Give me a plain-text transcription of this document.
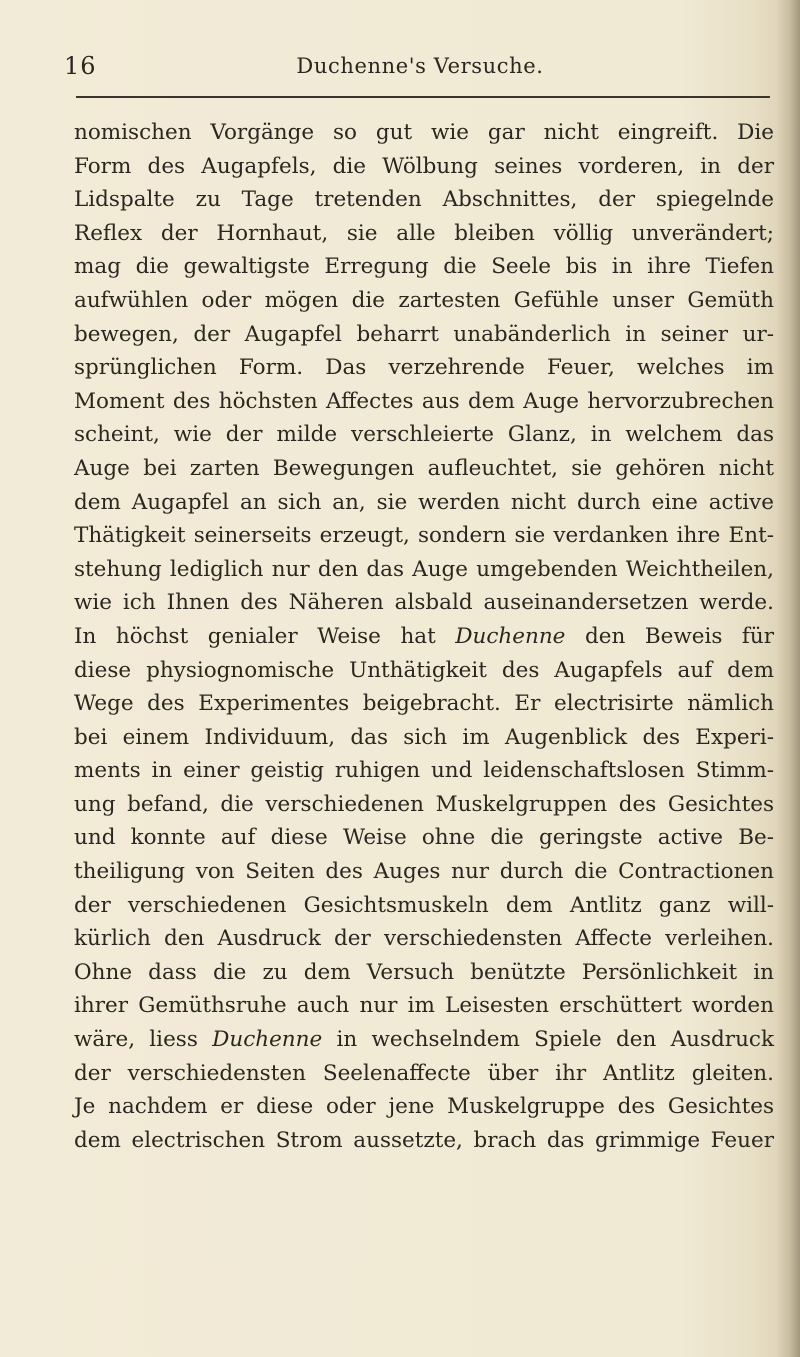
16	Duchenne's Versuche.
nomischen Vorgänge so gut wie gar nicht eingreift. Die
Form des Augapfels, die Wölbung seines vorderen, in der
Lidspalte zu Tage tretenden Abschnittes, der spiegelnde
Reflex der Hornhaut, sie alle bleiben völlig unverändert;
mag die gewaltigste Erregung die Seele bis in ihre Tiefen
aufwühlen oder mögen die zartesten Gefühle unser Gemüth
bewegen, der Augapfel beharrt unabänderlich in seiner ur-
sprünglichen Form. Das verzehrende Feuer, welches im
Moment des höchsten Affectes aus dem Auge hervorzubrechen
scheint, wie der milde verschleierte Glanz, in welchem das
Auge bei zarten Bewegungen aufleuchtet, sie gehören nicht
dem Augapfel an sich an, sie werden nicht durch eine active
Thätigkeit seinerseits erzeugt, sondern sie verdanken ihre Ent-
stehung lediglich nur den das Auge umgebenden Weichtheilen,
wie ich Ihnen des Näheren alsbald auseinandersetzen werde.
In höchst genialer Weise hat Duchenne den Beweis für
diese physiognomische Unthätigkeit des Augapfels auf dem
Wege des Experimentes beigebracht. Er electrisirte nämlich
bei einem Individuum, das sich im Augenblick des Experi-
ments in einer geistig ruhigen und leidenschaftslosen Stimm-
ung befand, die verschiedenen Muskelgruppen des Gesichtes
und konnte auf diese Weise ohne die geringste active Be-
theiligung von Seiten des Auges nur durch die Contractionen
der verschiedenen Gesichtsmuskeln dem Antlitz ganz will-
kürlich den Ausdruck der verschiedensten Affecte verleihen.
Ohne dass die zu dem Versuch benützte Persönlichkeit in
ihrer Gemüthsruhe auch nur im Leisesten erschüttert worden
wäre, liess Duchenne in wechselndem Spiele den Ausdruck
der verschiedensten Seelenaffecte über ihr Antlitz gleiten.
Je nachdem er diese oder jene Muskelgruppe des Gesichtes
dem electrischen Strom aussetzte, brach das grimmige Feuer
